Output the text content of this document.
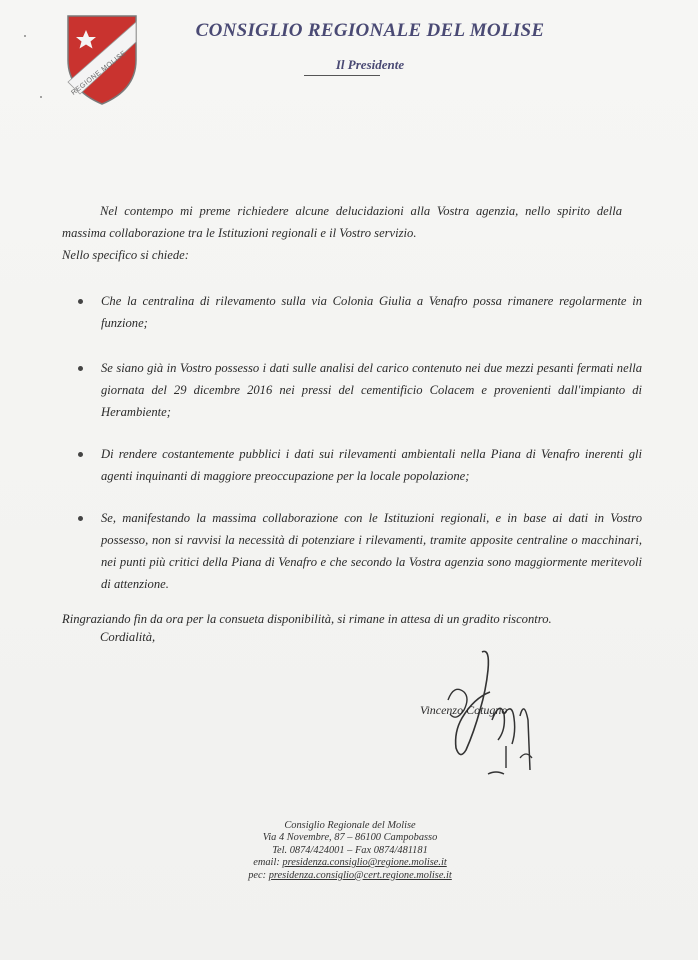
REGIONE MOLISE
CONSIGLIO REGIONALE DEL MOLISE
Il Presidente
Nel contempo mi preme richiedere alcune delucidazioni alla Vostra agenzia, nello spirito della massima collaborazione tra le Istituzioni regionali e il Vostro servizio.
Nello specifico si chiede:
Che la centralina di rilevamento sulla via Colonia Giulia a Venafro possa rimanere regolarmente in funzione;
Se siano già in Vostro possesso i dati sulle analisi del carico contenuto nei due mezzi pesanti fermati nella giornata del 29 dicembre 2016 nei pressi del cementificio Colacem e provenienti dall'impianto di Herambiente;
Di rendere costantemente pubblici i dati sui rilevamenti ambientali nella Piana di Venafro inerenti gli agenti inquinanti di maggiore preoccupazione per la locale popolazione;
Se, manifestando la massima collaborazione con le Istituzioni regionali, e in base ai dati in Vostro possesso, non si ravvisi la necessità di potenziare i rilevamenti, tramite apposite centraline o macchinari, nei punti più critici della Piana di Venafro e che secondo la Vostra agenzia sono maggiormente meritevoli di attenzione.
Ringraziando fin da ora per la consueta disponibilità, si rimane in attesa di un gradito riscontro.
Cordialità,
Vincenzo Cotugno
Consiglio Regionale del Molise
Via 4 Novembre, 87 – 86100 Campobasso
Tel. 0874/424001 – Fax 0874/481181
email: presidenza.consiglio@regione.molise.it
pec: presidenza.consiglio@cert.regione.molise.it
